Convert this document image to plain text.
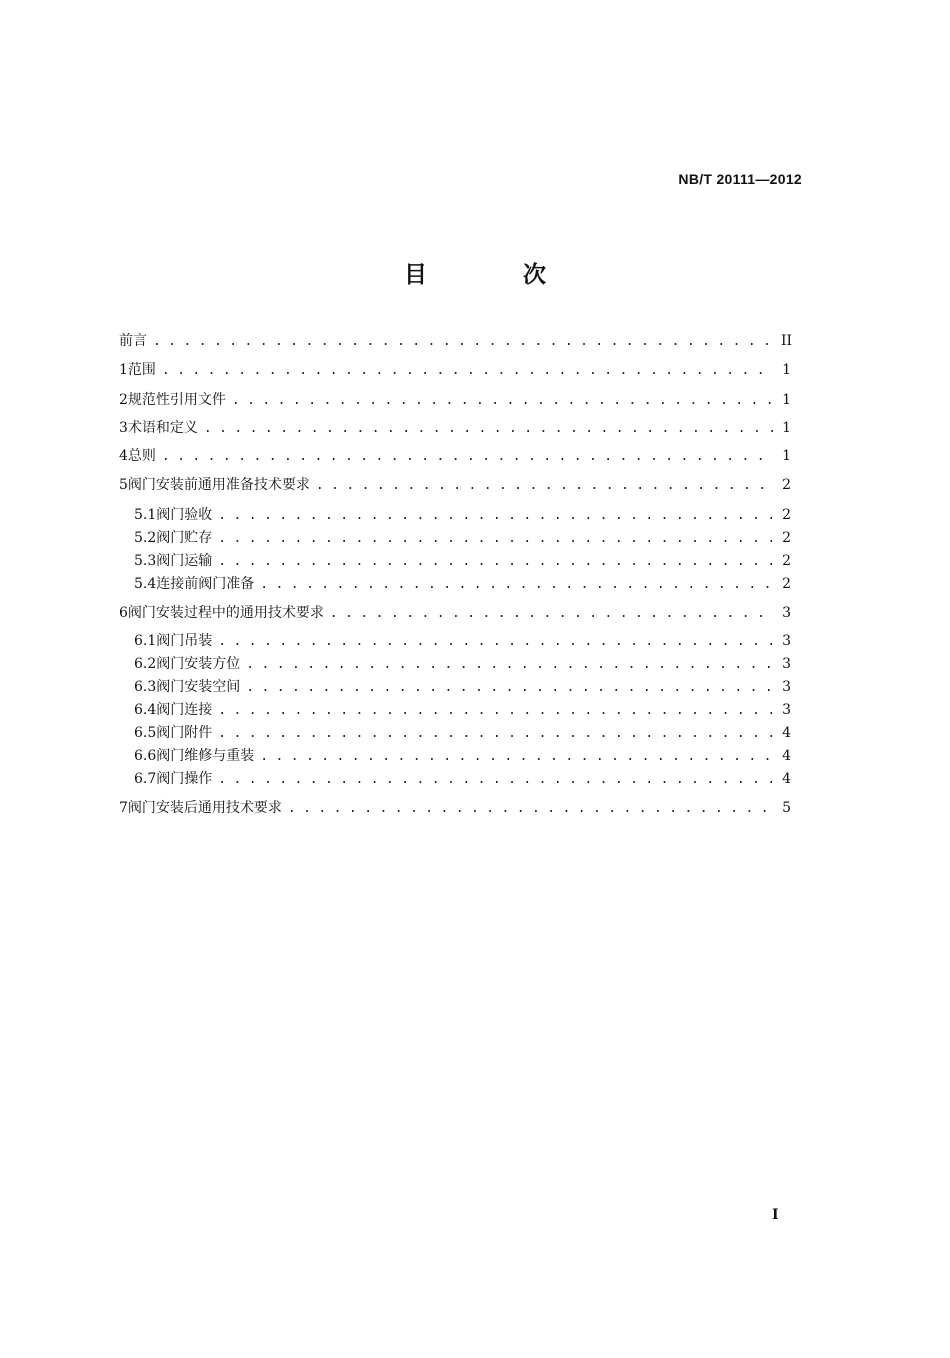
NB/T 20111—2012
目 次
前言 . . .	II
1 范围 . . .	1
2 规范性引用文件 . . .	1
3 术语和定义 . . .	1
4 总则 . . .	1
5 阀门安装前通用准备技术要求 . . .	2
5.1 阀门验收 . . .	2
5.2 阀门贮存 . . .	2
5.3 阀门运输 . . .	2
5.4 连接前阀门准备 . . .	2
6 阀门安装过程中的通用技术要求 . . .	3
6.1 阀门吊装 . . .	3
6.2 阀门安装方位 . . .	3
6.3 阀门安装空间 . . .	3
6.4 阀门连接 . . .	3
6.5 阀门附件 . . .	4
6.6 阀门维修与重装 . . .	4
6.7 阀门操作 . . .	4
7 阀门安装后通用技术要求 . . .	5
I
